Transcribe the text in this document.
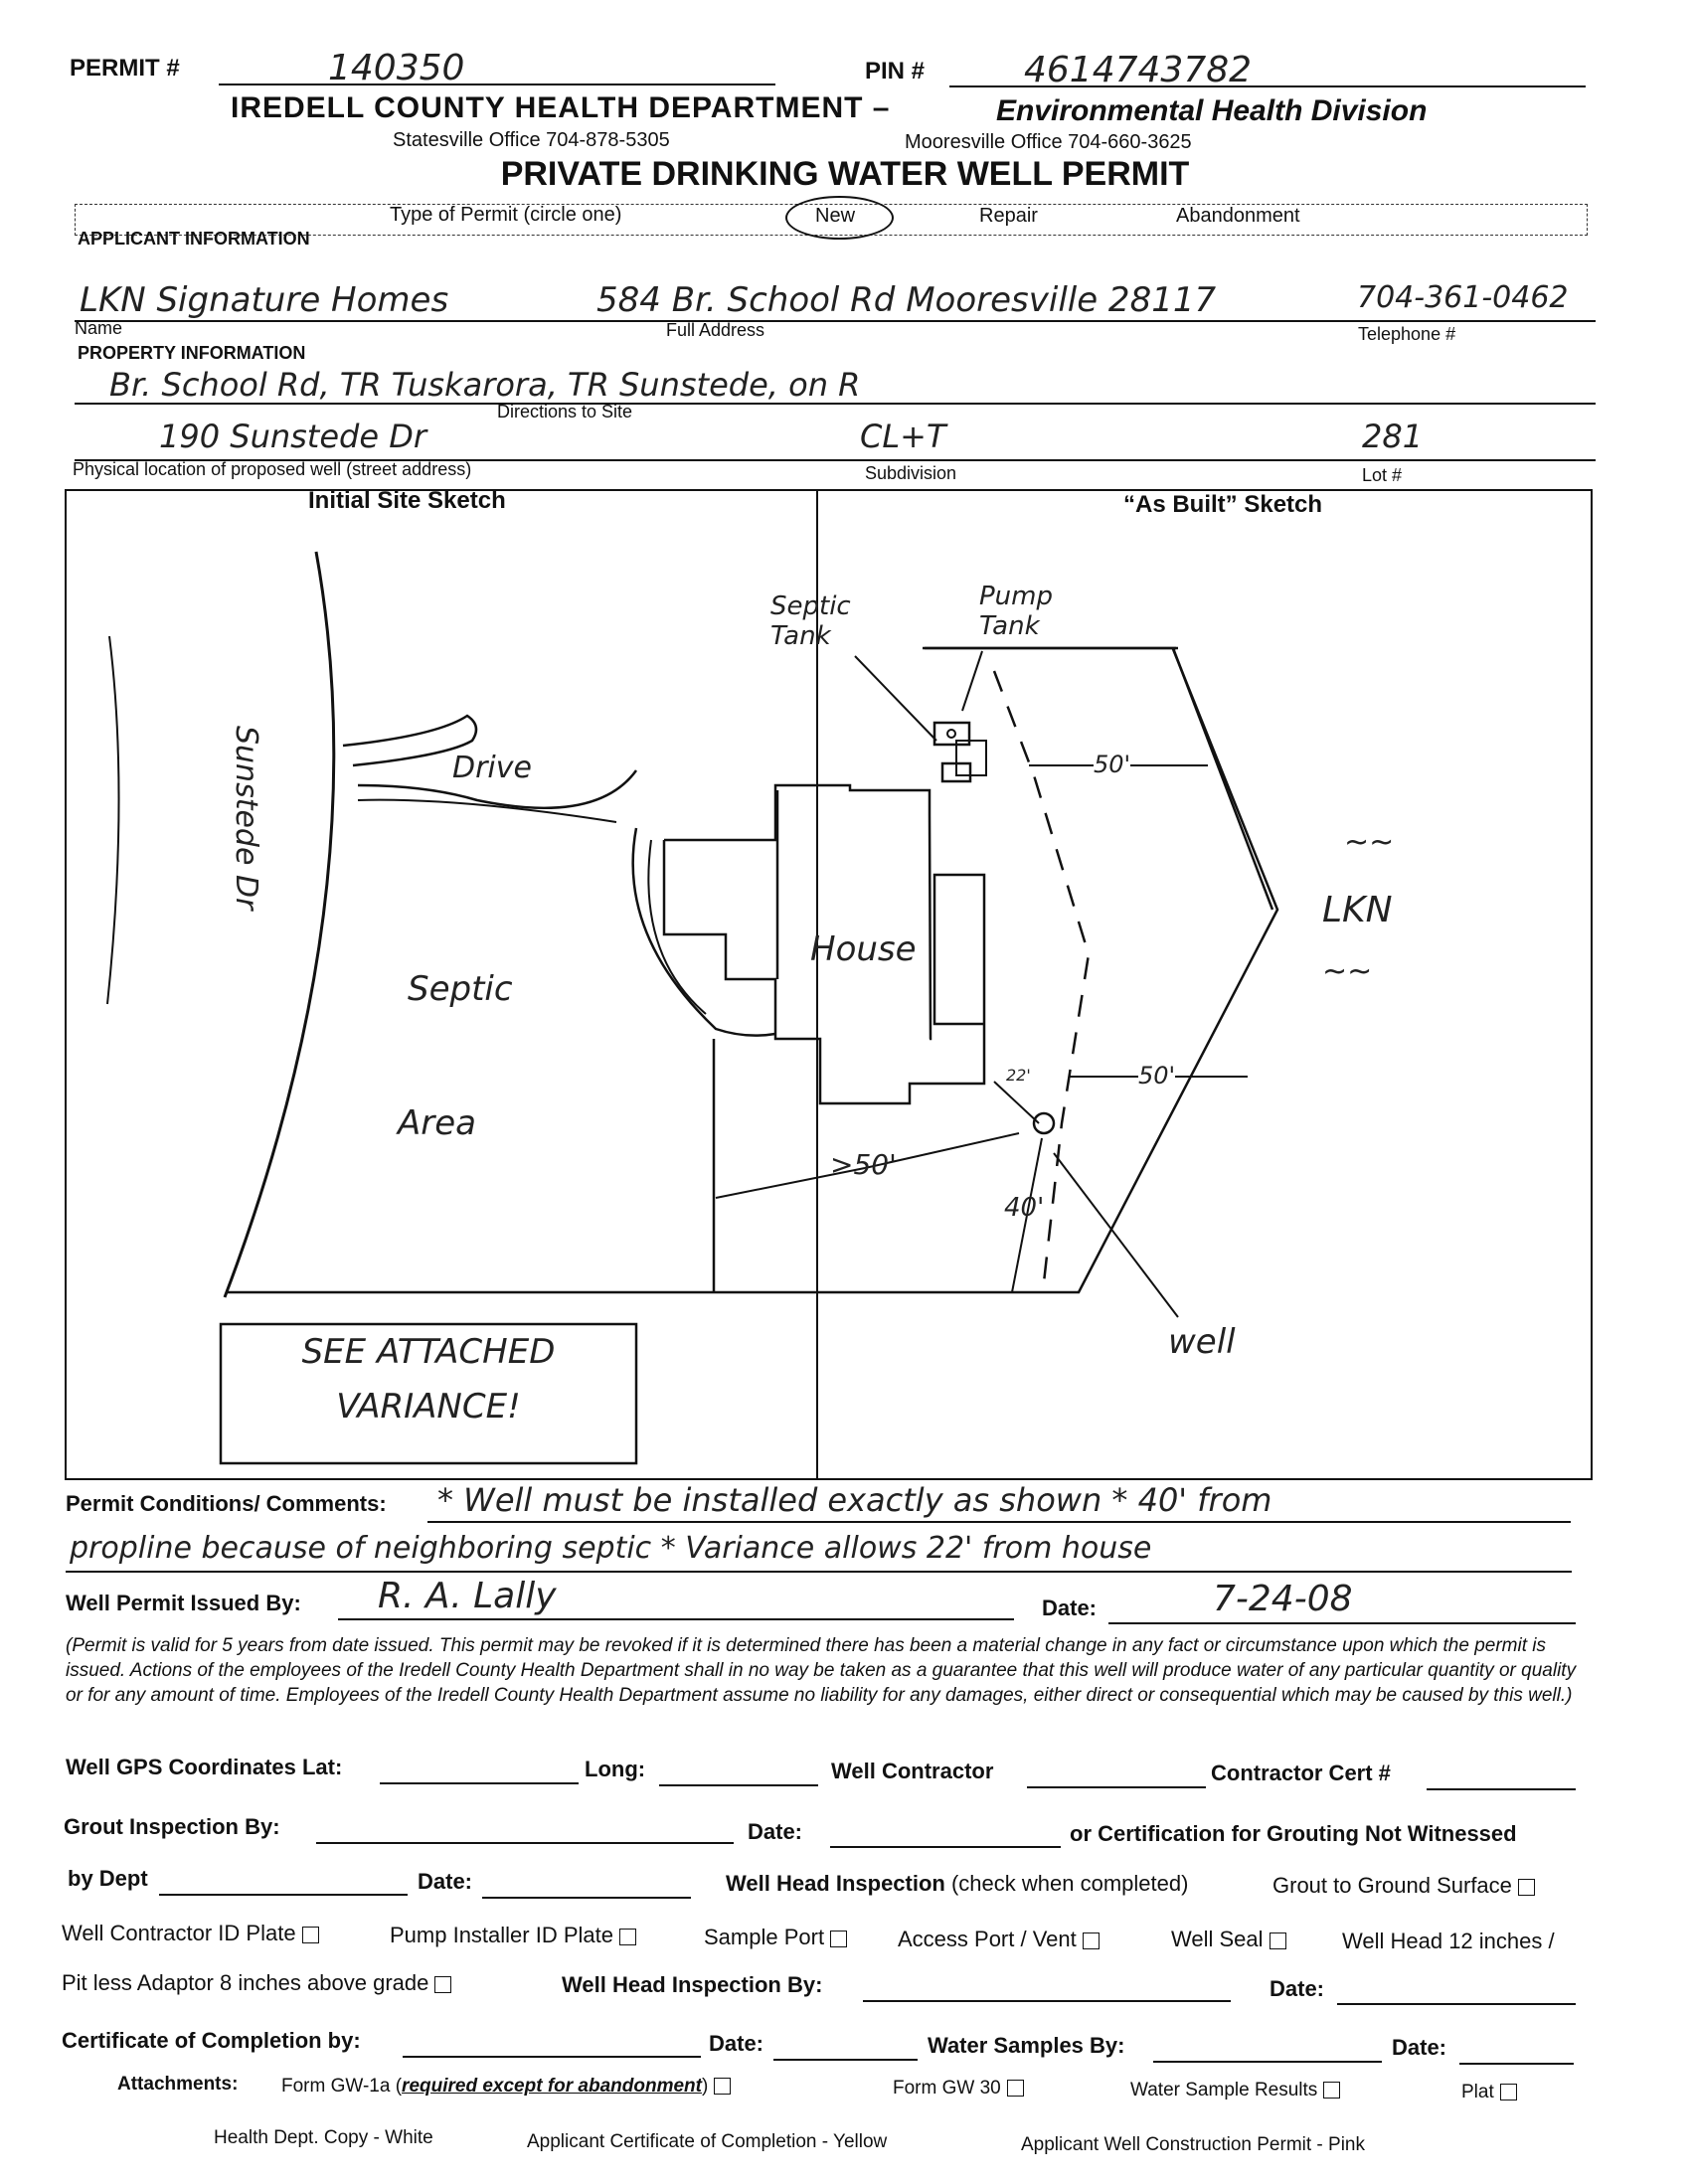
PERMIT #	140350	PIN #	4614743782
IREDELL COUNTY HEALTH DEPARTMENT –	Environmental Health Division
Statesville Office 704-878-5305	Mooresville Office 704-660-3625
PRIVATE DRINKING WATER WELL PERMIT
Type of Permit (circle one)	New	Repair	Abandonment
APPLICANT INFORMATION
LKN Signature Homes	584 Br. School Rd Mooresville 28117	704-361-0462
Name	Full Address	Telephone #
PROPERTY INFORMATION
Br. School Rd, TR Tuskarora, TR Sunstede, on R
Directions to Site
190 Sunstede Dr	CL+T	281
Physical location of proposed well (street address)	Subdivision	Lot #
Initial Site Sketch	“As Built” Sketch
Sunstede Dr	Drive
Septic
Area
House
Septic Tank
Pump Tank
LKN
~~
~~
50'
50'
>50'
40'
22'
well
SEE ATTACHED
VARIANCE!
Permit Conditions/ Comments: * Well must be installed exactly as shown * 40' from
propline because of neighboring septic * Variance allows 22' from house
Well Permit Issued By: R. A. Lally	Date:	7-24-08
(Permit is valid for 5 years from date issued. This permit may be revoked if it is determined there has been a material change in any fact or circumstance upon which the permit is issued. Actions of the employees of the Iredell County Health Department shall in no way be taken as a guarantee that this well will produce water of any particular quantity or quality or for any amount of time. Employees of the Iredell County Health Department assume no liability for any damages, either direct or consequential which may be caused by this well.)
Well GPS Coordinates Lat:	Long:	Well Contractor	Contractor Cert #
Grout Inspection By:	Date:	or Certification for Grouting Not Witnessed
by Dept	Date:	Well Head Inspection (check when completed)	Grout to Ground Surface
Well Contractor ID Plate	Pump Installer ID Plate	Sample Port	Access Port / Vent	Well Seal	Well Head 12 inches /
Pit less Adaptor 8 inches above grade	Well Head Inspection By:	Date:
Certificate of Completion by:	Date:	Water Samples By:	Date:
Attachments: Form GW-1a (required except for abandonment)	Form GW 30	Water Sample Results	Plat
Health Dept. Copy - White	Applicant Certificate of Completion - Yellow	Applicant Well Construction Permit - Pink
